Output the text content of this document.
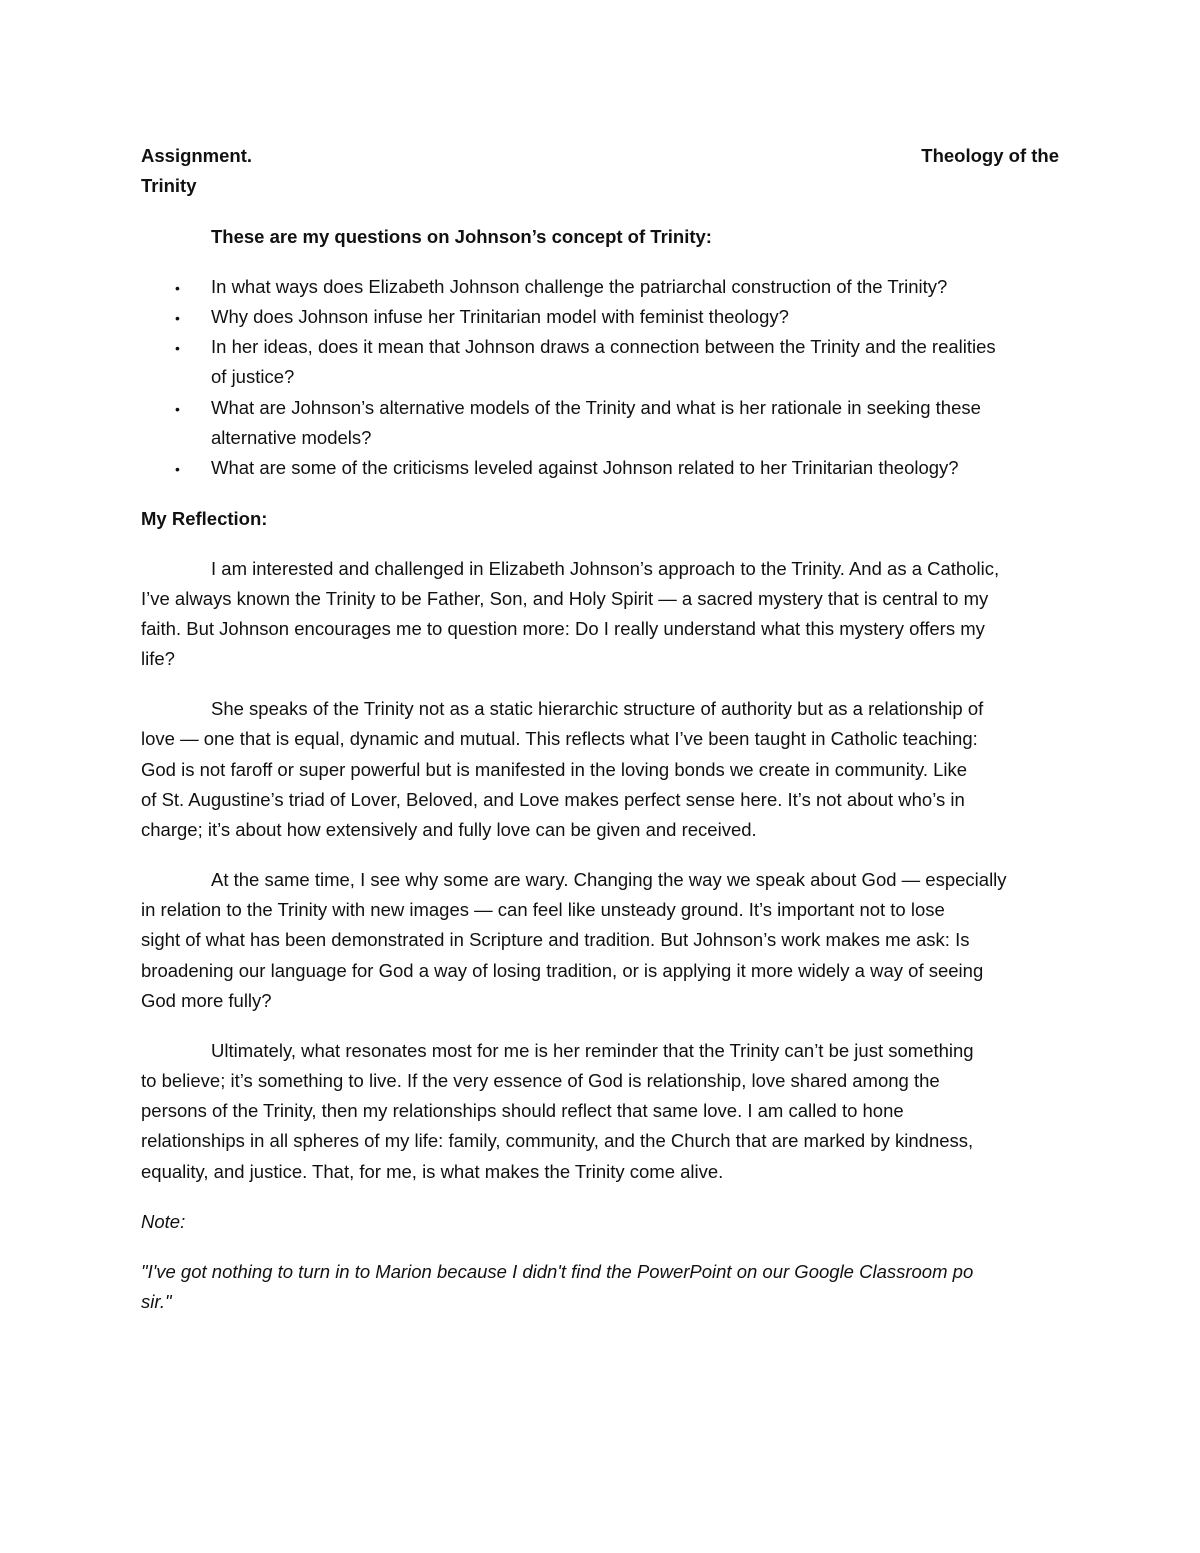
Assignment.	Theology of the
Trinity
These are my questions on Johnson’s concept of Trinity:
• In what ways does Elizabeth Johnson challenge the patriarchal construction of the Trinity?
• Why does Johnson infuse her Trinitarian model with feminist theology?
• In her ideas, does it mean that Johnson draws a connection between the Trinity and the realities
of justice?
• What are Johnson’s alternative models of the Trinity and what is her rationale in seeking these
alternative models?
• What are some of the criticisms leveled against Johnson related to her Trinitarian theology?
My Reflection:
I am interested and challenged in Elizabeth Johnson’s approach to the Trinity. And as a Catholic,
I’ve always known the Trinity to be Father, Son, and Holy Spirit — a sacred mystery that is central to my
faith. But Johnson encourages me to question more: Do I really understand what this mystery offers my
life?
She speaks of the Trinity not as a static hierarchic structure of authority but as a relationship of
love — one that is equal, dynamic and mutual. This reflects what I’ve been taught in Catholic teaching:
God is not faroff or super powerful but is manifested in the loving bonds we create in community. Like
of St. Augustine’s triad of Lover, Beloved, and Love makes perfect sense here. It’s not about who’s in
charge; it’s about how extensively and fully love can be given and received.
At the same time, I see why some are wary. Changing the way we speak about God — especially
in relation to the Trinity with new images — can feel like unsteady ground. It’s important not to lose
sight of what has been demonstrated in Scripture and tradition. But Johnson’s work makes me ask: Is
broadening our language for God a way of losing tradition, or is applying it more widely a way of seeing
God more fully?
Ultimately, what resonates most for me is her reminder that the Trinity can’t be just something
to believe; it’s something to live. If the very essence of God is relationship, love shared among the
persons of the Trinity, then my relationships should reflect that same love. I am called to hone
relationships in all spheres of my life: family, community, and the Church that are marked by kindness,
equality, and justice. That, for me, is what makes the Trinity come alive.
Note:
"I've got nothing to turn in to Marion because I didn't find the PowerPoint on our Google Classroom po
sir."
